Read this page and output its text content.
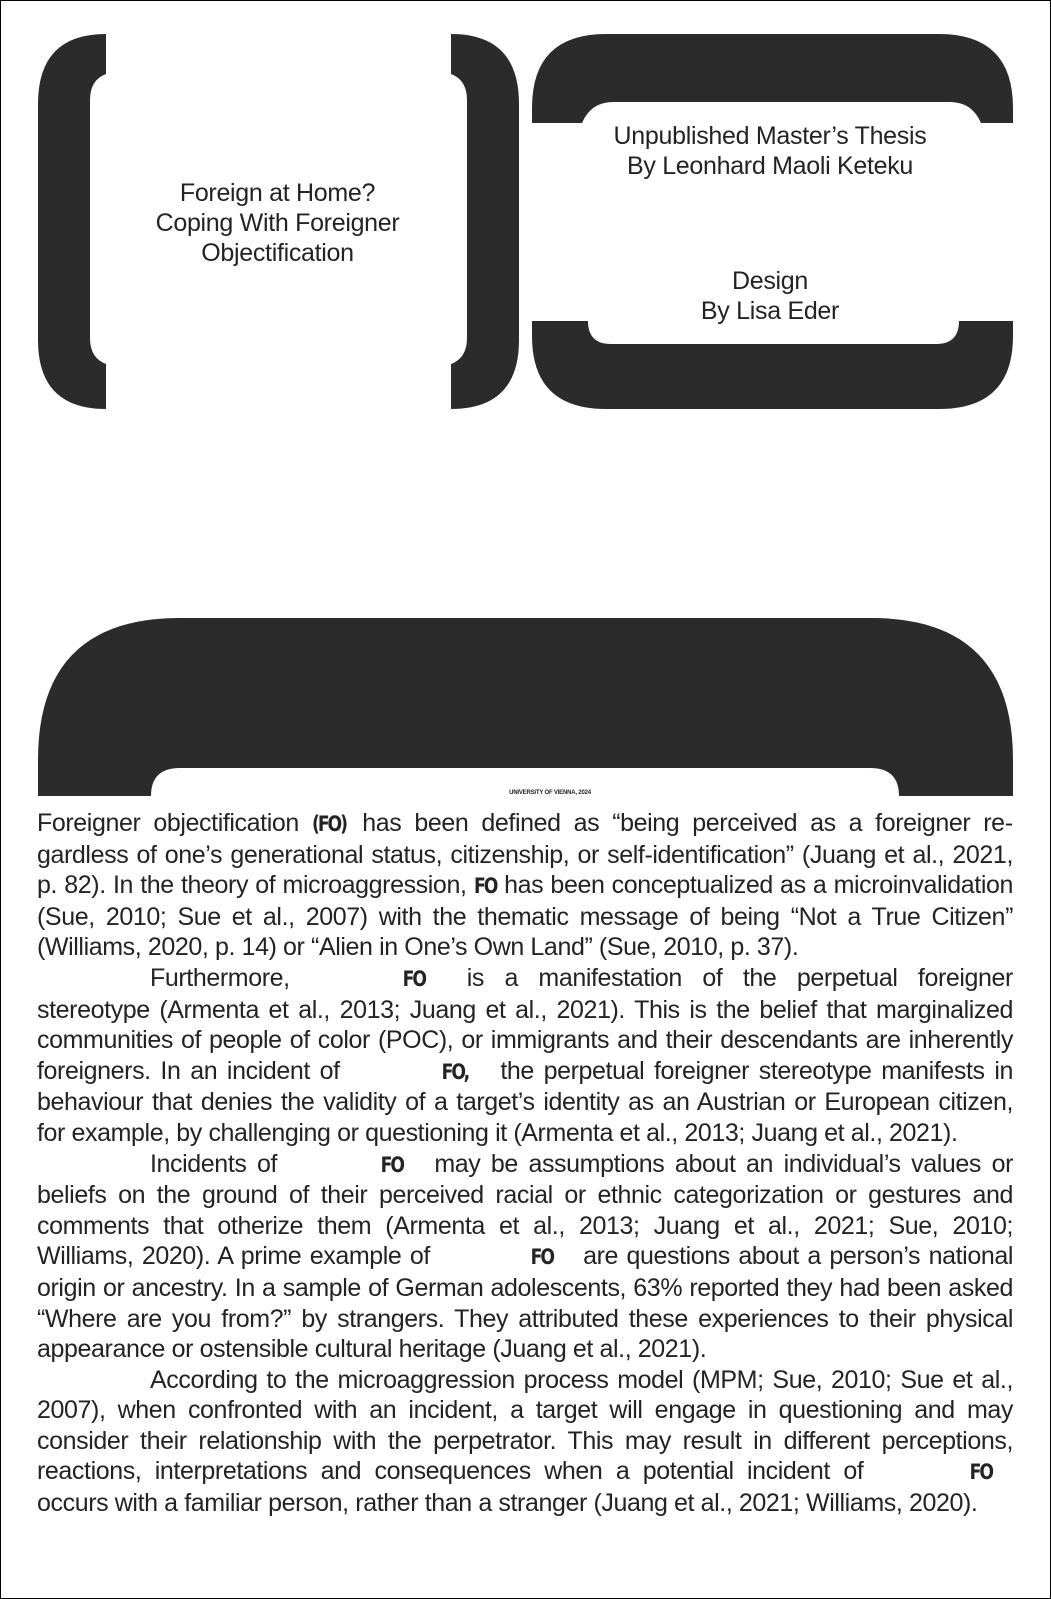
Foreign at Home?
Coping With Foreigner
Objectification
Unpublished Master’s Thesis
By Leonhard Maoli Keteku
Design
By Lisa Eder
UNIVERSITY OF VIENNA, 2024

Foreigner objectification (FO) has been defined as “being perceived as a foreigner regardless of one’s generational status, citizenship, or self-identification” (Juang et al., 2021, p. 82). In the theory of microaggression, FO has been conceptualized as a microinvalidation (Sue, 2010; Sue et al., 2007) with the thematic message of being “Not a True Citizen” (Williams, 2020, p. 14) or “Alien in One’s Own Land” (Sue, 2010, p. 37).

Furthermore,	FO is a manifestation of the perpetual foreigner stereotype (Armenta et al., 2013; Juang et al., 2021). This is the belief that marginalized communities of people of color (POC), or immigrants and their descendants are inherently foreigners. In an incident of	FO, the perpetual foreigner stereotype manifests in behaviour that denies the validity of a target’s identity as an Austrian or European citizen, for example, by challenging or questioning it (Armenta et al., 2013; Juang et al., 2021).

Incidents of	FO may be assumptions about an individual’s values or beliefs on the ground of their perceived racial or ethnic categorization or gestures and comments that otherize them (Armenta et al., 2013; Juang et al., 2021; Sue, 2010; Williams, 2020). A prime example of	FO are questions about a person’s national origin or ancestry. In a sample of German adolescents, 63% reported they had been asked “Where are you from?” by strangers. They attributed these experiences to their physical appearance or ostensible cultural heritage (Juang et al., 2021).

According to the microaggression process model (MPM; Sue, 2010; Sue et al., 2007), when confronted with an incident, a target will engage in questioning and may consider their relationship with the perpetrator. This may result in different perceptions, reactions, interpretations and consequences when a potential incident of	FO occurs with a familiar person, rather than a stranger (Juang et al., 2021; Williams, 2020).
